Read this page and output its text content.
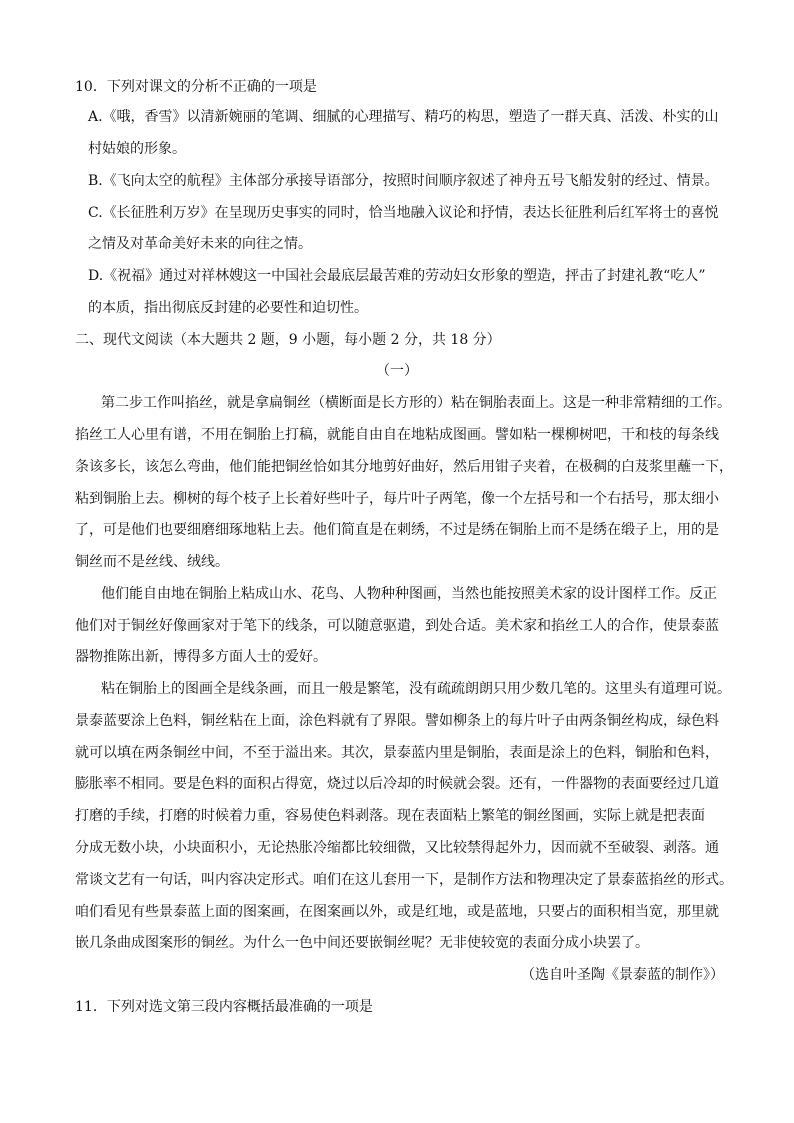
10．下列对课文的分析不正确的一项是
A.《哦，香雪》以清新婉丽的笔调、细腻的心理描写、精巧的构思，塑造了一群天真、活泼、朴实的山
村姑娘的形象。
B.《飞向太空的航程》主体部分承接导语部分，按照时间顺序叙述了神舟五号飞船发射的经过、情景。
C.《长征胜利万岁》在呈现历史事实的同时，恰当地融入议论和抒情，表达长征胜利后红军将士的喜悦
之情及对革命美好未来的向往之情。
D.《祝福》通过对祥林嫂这一中国社会最底层最苦难的劳动妇女形象的塑造，抨击了封建礼教“吃人”
的本质，指出彻底反封建的必要性和迫切性。
二、现代文阅读（本大题共 2 题，9 小题，每小题 2 分，共 18 分）
（一）
第二步工作叫掐丝，就是拿扁铜丝（横断面是长方形的）粘在铜胎表面上。这是一种非常精细的工作。
掐丝工人心里有谱，不用在铜胎上打稿，就能自由自在地粘成图画。譬如粘一棵柳树吧，干和枝的每条线
条该多长，该怎么弯曲，他们能把铜丝恰如其分地剪好曲好，然后用钳子夹着，在极稠的白芨浆里蘸一下，
粘到铜胎上去。柳树的每个枝子上长着好些叶子，每片叶子两笔，像一个左括号和一个右括号，那太细小
了，可是他们也要细磨细琢地粘上去。他们简直是在刺绣，不过是绣在铜胎上而不是绣在缎子上，用的是
铜丝而不是丝线、绒线。
他们能自由地在铜胎上粘成山水、花鸟、人物种种图画，当然也能按照美术家的设计图样工作。反正
他们对于铜丝好像画家对于笔下的线条，可以随意驱遣，到处合适。美术家和掐丝工人的合作，使景泰蓝
器物推陈出新，博得多方面人士的爱好。
粘在铜胎上的图画全是线条画，而且一般是繁笔，没有疏疏朗朗只用少数几笔的。这里头有道理可说。
景泰蓝要涂上色料，铜丝粘在上面，涂色料就有了界限。譬如柳条上的每片叶子由两条铜丝构成，绿色料
就可以填在两条铜丝中间，不至于溢出来。其次，景泰蓝内里是铜胎，表面是涂上的色料，铜胎和色料，
膨胀率不相同。要是色料的面积占得宽，烧过以后冷却的时候就会裂。还有，一件器物的表面要经过几道
打磨的手续，打磨的时候着力重，容易使色料剥落。现在表面粘上繁笔的铜丝图画，实际上就是把表面
分成无数小块，小块面积小，无论热胀冷缩都比较细微，又比较禁得起外力，因而就不至破裂、剥落。通
常谈文艺有一句话，叫内容决定形式。咱们在这儿套用一下，是制作方法和物理决定了景泰蓝掐丝的形式。
咱们看见有些景泰蓝上面的图案画，在图案画以外，或是红地，或是蓝地，只要占的面积相当宽，那里就
嵌几条曲成图案形的铜丝。为什么一色中间还要嵌铜丝呢？无非使较宽的表面分成小块罢了。
（选自叶圣陶《景泰蓝的制作》）
11．下列对选文第三段内容概括最准确的一项是
